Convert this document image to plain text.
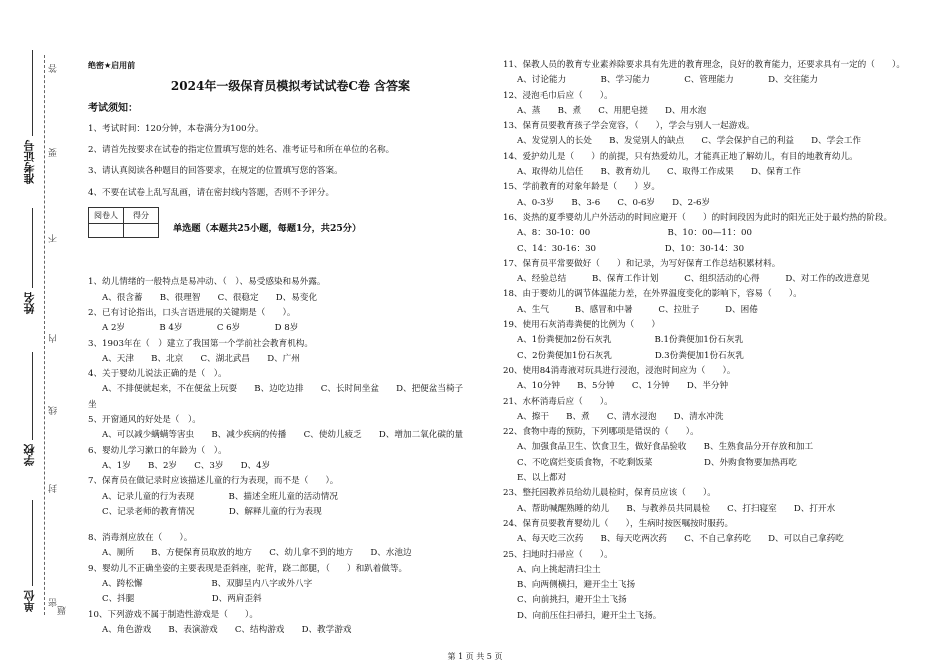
准考证号
姓名
学校
单位 密
封
线
内
不
要
答
题
绝密★启用前
2024年一级保育员模拟考试试卷C卷 含答案
考试须知：
1、考试时间：120分钟，本卷满分为100分。
2、请首先按要求在试卷的指定位置填写您的姓名、准考证号和所在单位的名称。
3、请认真阅读各种题目的回答要求，在规定的位置填写您的答案。
4、不要在试卷上乱写乱画，请在密封线内答题，否则不予评分。
阅卷人	得分

单选题（本题共25小题，每题1分，共25分）
1、幼儿情绪的一般特点是易冲动、（　）、易受感染和易外露。
A、很含蓄　　B、很理智　　C、很稳定　　D、易变化
2、已有讨论指出，口头言语进展的关键期是（　　）。
A 2岁　　　　B 4岁　　　　C 6岁　　　　D 8岁
3、1903年在（　）建立了我国第一个学前社会教育机构。
A、天津　　B、北京　　C、湖北武昌　　D、广州
4、关于婴幼儿说法正确的是（　）。
A、不排便就起来，不在便盆上玩耍　　B、边吃边排　　C、长时间坐盆　　D、把便盆当椅子
坐
5、开窗通风的好处是（　）。
A、可以减少螨螨等害虫　　B、减少疾病的传播　　C、使幼儿疲乏　　D、增加二氧化碳的量
6、婴幼儿学习漱口的年龄为（　）。
A、1岁　　B、2岁　　C、3岁　　D、4岁
7、保育员在做记录时应该描述儿童的行为表现，而不是（　　）。
A、记录儿童的行为表现　　　　B、描述全班儿童的活动情况
C、记录老师的教育情况　　　　D、解释儿童的行为表现
8、消毒剂应放在（　　）。
A、厕所　　B、方便保育员取放的地方　　C、幼儿拿不到的地方　　D、水池边
9、婴幼儿不正确坐姿的主要表现是歪斜座，驼背，跷二郎腿，（　　）和趴着做等。
A、跨松懈　　　　　　　　B、双脚呈内八字或外八字
C、抖腿　　　　　　　　　D、两肩歪斜
10、下列游戏不属于制造性游戏是（　　）。
A、角色游戏　　B、表演游戏　　C、结构游戏　　D、教学游戏
11、保教人员的教育专业素养除要求具有先进的教育理念，良好的教育能力，还要求具有一定的（　　）。
A、讨论能力　　　　B、学习能力　　　　C、管理能力　　　　D、交往能力
12、浸泡毛巾后应（　　）。
A、蒸　　B、煮　　C、用肥皂搓　　D、用水泡
13、保育员要教育孩子学会宽容，（　　），学会与别人一起游戏。
A、发觉别人的长处　　B、发觉别人的缺点　　C、学会保护自己的利益　　D、学会工作
14、爱护幼儿是（　　）的前提，只有热爱幼儿，才能真正地了解幼儿，有目的地教育幼儿。
A、取得幼儿信任　　B、教育幼儿　　C、取得工作成果　　D、保育工作
15、学前教育的对象年龄是（　　）岁。
A、0-3岁　　B、3-6　　C、0-6岁　　D、2-6岁
16、炎热的夏季婴幼儿户外活动的时间应避开（　　）的时间段因为此时的阳光正处于最灼热的阶段。
A、8：30-10：00　　　　　　　　　B、10：00—11：00
C、14：30-16：30　　　　　　　　D、10：30-14：30
17、保育员平常要做好（　　）和记录，为写好保育工作总结积累材料。
A、经验总结　　　B、保育工作计划　　　C、组织活动的心得　　　D、对工作的改进意见
18、由于婴幼儿的调节体温能力差，在外界温度变化的影响下，容易（　　）。
A、生气　　　B、感冒和中暑　　　C、拉肚子　　　D、困倦
19、使用石灰消毒粪便的比例为（　　）
A、1份粪便加2份石灰乳　　　　　B.1份粪便加1份石灰乳
C、2份粪便加1份石灰乳　　　　　D.3份粪便加1份石灰乳
20、使用84消毒液对玩具进行浸泡，浸泡时间应为（　　）。
A、10分钟　　B、5分钟　　C、1分钟　　D、半分钟
21、水杯消毒后应（　　）。
A、擦干　　B、煮　　C、清水浸泡　　D、清水冲洗
22、食物中毒的预防，下列哪项是错误的（　　）。
A、加强食品卫生、饮食卫生，做好食品验收　　B、生熟食品分开存放和加工
C、不吃腐烂变质食物，不吃剩饭菜　　　　　　D、外购食物要加热再吃
E、以上都对
23、整托园教养员给幼儿晨检时，保育员应该（　　）。
A、帮助喊醒熟睡的幼儿　　B、与教养员共同晨检　　C、打扫寝室　　D、打开水
24、保育员要教育婴幼儿（　　），生病时按医嘱按时服药。
A、每天吃三次药　　B、每天吃两次药　　C、不自己拿药吃　　D、可以自己拿药吃
25、扫地时扫帚应（　　）。
A、向上挑起清扫尘土
B、向两侧横扫，避开尘土飞扬
C、向前挑扫，避开尘土飞扬
D、向前压住扫帚扫，避开尘土飞扬。
第 1 页 共 5 页
